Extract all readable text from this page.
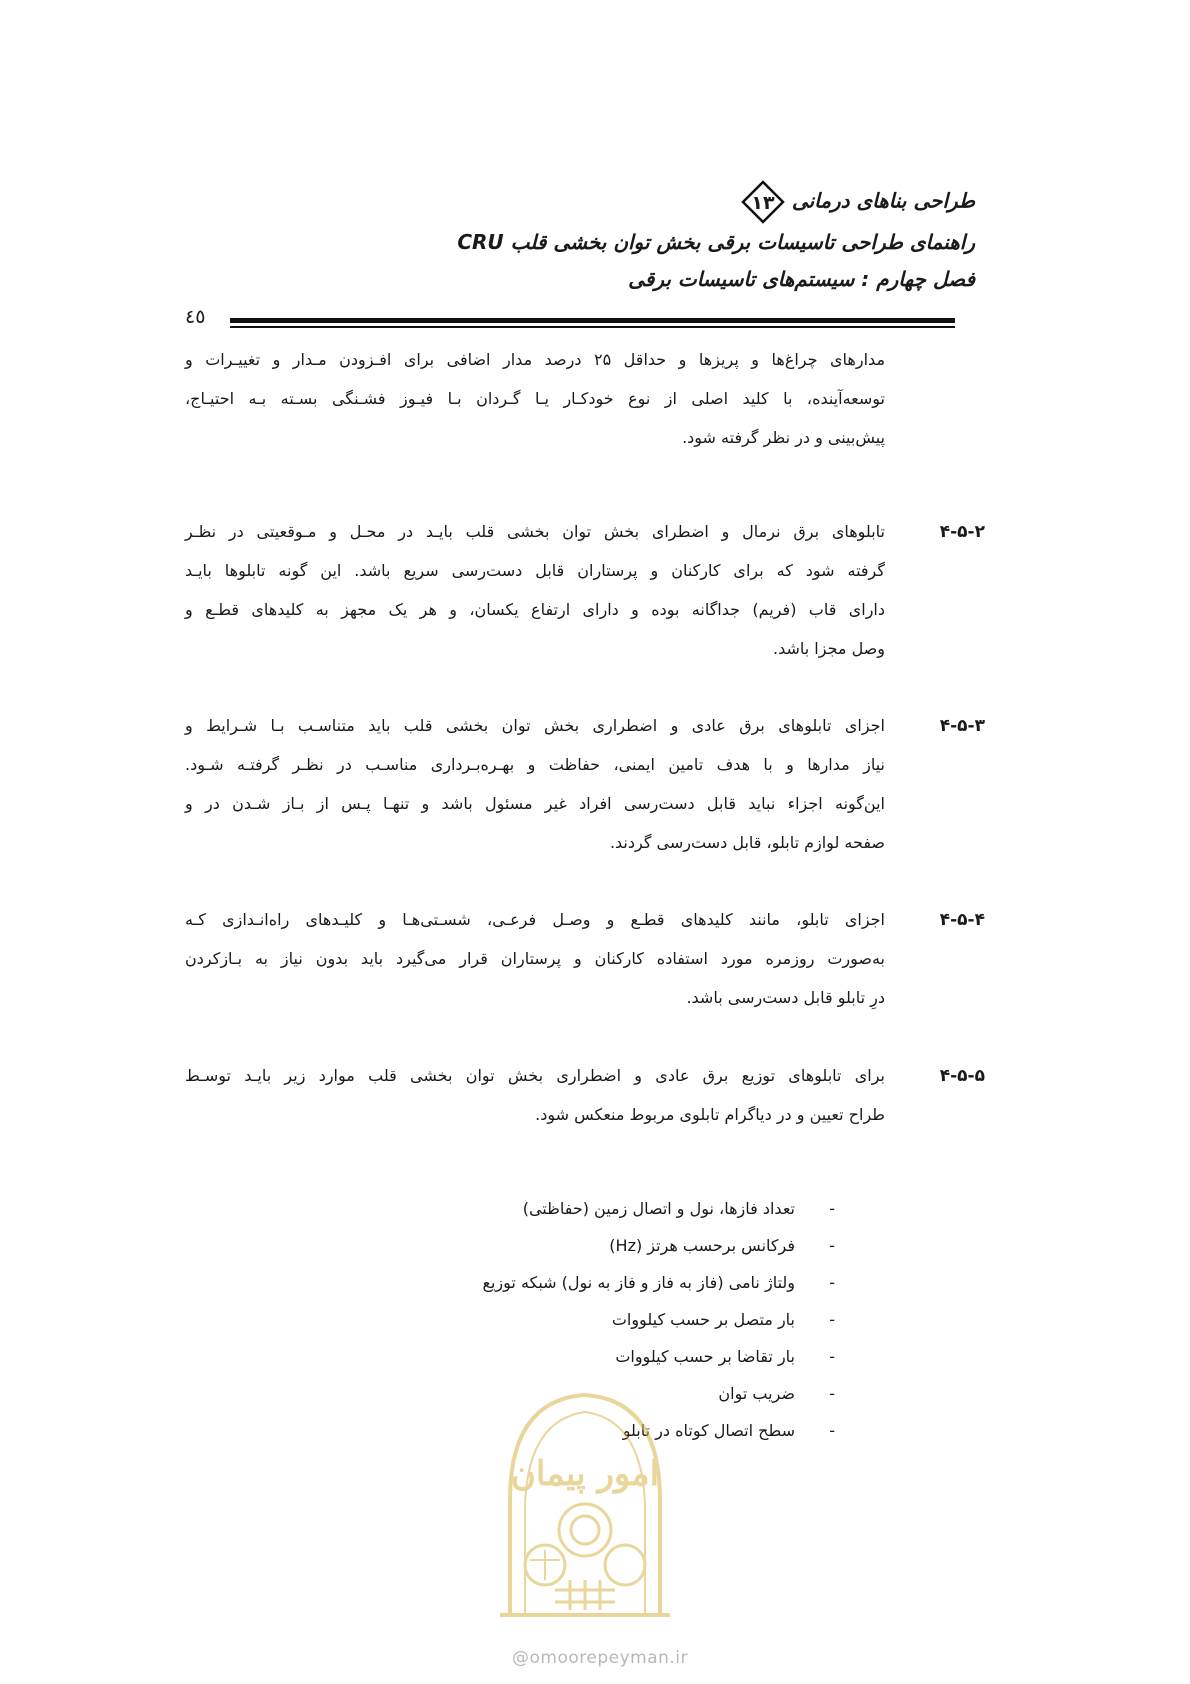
طراحی بناهای درمانی
۱۳
راهنمای طراحی تاسیسات برقی بخش توان بخشی قلب CRU
فصل چهارم : سیستم‌های تاسیسات برقی
٤٥
مدارهای چراغ‌ها و پریزها و حداقل ۲۵ درصد مدار اضافی برای افـزودن مـدار و تغییـرات و
توسعه‌آینده، با کلید اصلی از نوع خودکـار یـا گـردان بـا فیـوز فشـنگی بسـته بـه احتیـاج،
پیش‌بینی و در نظر گرفته شود.
۴-۵-۲
تابلوهای برق نرمال و اضطرای بخش توان بخشی قلب بایـد در محـل و مـوقعیتی در نظـر
گرفته شود که برای کارکنان و پرستاران قابل دست‌رسی سریع باشد. این گونه تابلوها بایـد
دارای قاب (فریم) جداگانه بوده و دارای ارتفاع یکسان، و هر یک مجهز به کلیدهای قطـع و
وصل مجزا باشد.
۴-۵-۳
اجزای تابلوهای برق عادی و اضطراری بخش توان بخشی قلب باید متناسـب بـا شـرایط و
نیاز مدارها و با هدف تامین ایمنی، حفاظت و بهـره‌بـرداری مناسـب در نظـر گرفتـه شـود.
این‌گونه اجزاء نباید قابل دست‌رسی افراد غیر مسئول باشد و تنهـا پـس از بـاز شـدن در و
صفحه لوازم تابلو، قابل دست‌رسی گردند.
۴-۵-۴
اجزای تابلو، مانند کلیدهای قطـع و وصـل فرعـی، شسـتی‌هـا و کلیـدهای راه‌انـدازی کـه
به‌صورت روزمره مورد استفاده کارکنان و پرستاران قرار می‌گیرد باید بدون نیاز به بـازکردن
درِ تابلو قابل دست‌رسی باشد.
۴-۵-۵
برای تابلوهای توزیع برق عادی و اضطراری بخش توان بخشی قلب موارد زیر بایـد توسـط
طراح تعیین و در دیاگرام تابلوی مربوط منعکس شود.
-
تعداد فازها، نول و اتصال زمین (حفاظتی)
-
فرکانس برحسب هرتز (Hz)
-
ولتاژ نامی (فاز به فاز و فاز به نول) شبکه توزیع
-
بار متصل بر حسب کیلووات
-
بار تقاضا بر حسب کیلووات
-
ضریب توان
-
سطح اتصال کوتاه در تابلو
امور پیمان
@omoorepeyman.ir
